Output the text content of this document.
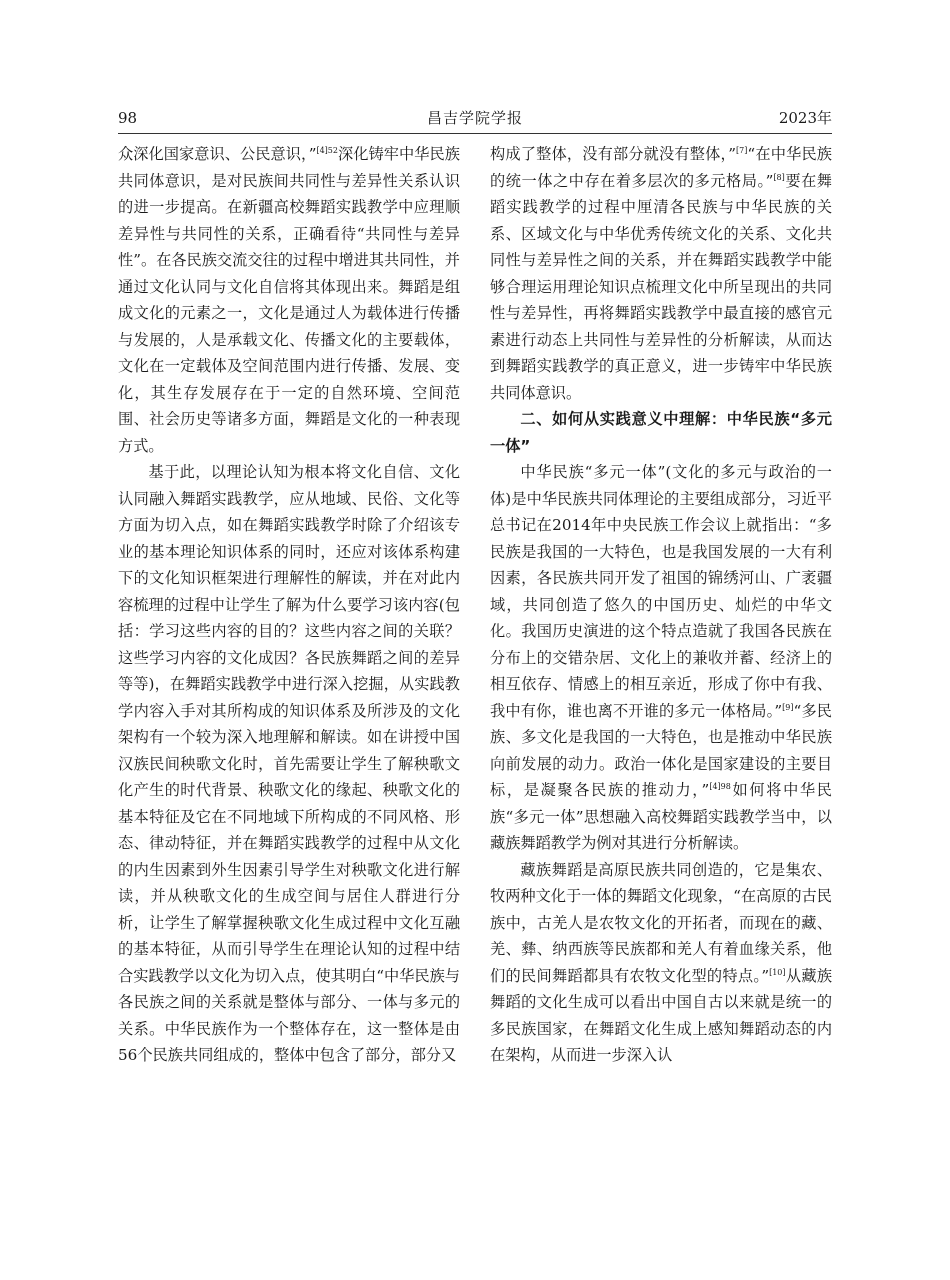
98	昌吉学院学报	2023年

众深化国家意识、公民意识，”$^{[4]52}$深化铸牢中华民族共同体意识，是对民族间共同性与差异性关系认识的进一步提高。在新疆高校舞蹈实践教学中应理顺差异性与共同性的关系，正确看待“共同性与差异性”。在各民族交流交往的过程中增进其共同性，并通过文化认同与文化自信将其体现出来。舞蹈是组成文化的元素之一，文化是通过人为载体进行传播与发展的，人是承载文化、传播文化的主要载体，文化在一定载体及空间范围内进行传播、发展、变化，其生存发展存在于一定的自然环境、空间范围、社会历史等诸多方面，舞蹈是文化的一种表现方式。

基于此，以理论认知为根本将文化自信、文化认同融入舞蹈实践教学，应从地域、民俗、文化等方面为切入点，如在舞蹈实践教学时除了介绍该专业的基本理论知识体系的同时，还应对该体系构建下的文化知识框架进行理解性的解读，并在对此内容梳理的过程中让学生了解为什么要学习该内容(包括：学习这些内容的目的？这些内容之间的关联？这些学习内容的文化成因？各民族舞蹈之间的差异等等)，在舞蹈实践教学中进行深入挖掘，从实践教学内容入手对其所构成的知识体系及所涉及的文化架构有一个较为深入地理解和解读。如在讲授中国汉族民间秧歌文化时，首先需要让学生了解秧歌文化产生的时代背景、秧歌文化的缘起、秧歌文化的基本特征及它在不同地域下所构成的不同风格、形态、律动特征，并在舞蹈实践教学的过程中从文化的内生因素到外生因素引导学生对秧歌文化进行解读，并从秧歌文化的生成空间与居住人群进行分析，让学生了解掌握秧歌文化生成过程中文化互融的基本特征，从而引导学生在理论认知的过程中结合实践教学以文化为切入点，使其明白“中华民族与各民族之间的关系就是整体与部分、一体与多元的关系。中华民族作为一个整体存在，这一整体是由56个民族共同组成的，整体中包含了部分，部分又

构成了整体，没有部分就没有整体，”[7]“在中华民族的统一体之中存在着多层次的多元格局。”[8]要在舞蹈实践教学的过程中厘清各民族与中华民族的关系、区域文化与中华优秀传统文化的关系、文化共同性与差异性之间的关系，并在舞蹈实践教学中能够合理运用理论知识点梳理文化中所呈现出的共同性与差异性，再将舞蹈实践教学中最直接的感官元素进行动态上共同性与差异性的分析解读，从而达到舞蹈实践教学的真正意义，进一步铸牢中华民族共同体意识。

二、如何从实践意义中理解：中华民族“多元一体”

中华民族“多元一体”(文化的多元与政治的一体)是中华民族共同体理论的主要组成部分，习近平总书记在2014年中央民族工作会议上就指出：“多民族是我国的一大特色，也是我国发展的一大有利因素，各民族共同开发了祖国的锦绣河山、广袤疆域，共同创造了悠久的中国历史、灿烂的中华文化。我国历史演进的这个特点造就了我国各民族在分布上的交错杂居、文化上的兼收并蓄、经济上的相互依存、情感上的相互亲近，形成了你中有我、我中有你，谁也离不开谁的多元一体格局。”[9]“多民族、多文化是我国的一大特色，也是推动中华民族向前发展的动力。政治一体化是国家建设的主要目标，是凝聚各民族的推动力，”$^{[4]98}$如何将中华民族“多元一体”思想融入高校舞蹈实践教学当中，以藏族舞蹈教学为例对其进行分析解读。

藏族舞蹈是高原民族共同创造的，它是集农、牧两种文化于一体的舞蹈文化现象，“在高原的古民族中，古羌人是农牧文化的开拓者，而现在的藏、羌、彝、纳西族等民族都和羌人有着血缘关系，他们的民间舞蹈都具有农牧文化型的特点。”[10]从藏族舞蹈的文化生成可以看出中国自古以来就是统一的多民族国家，在舞蹈文化生成上感知舞蹈动态的内在架构，从而进一步深入认
